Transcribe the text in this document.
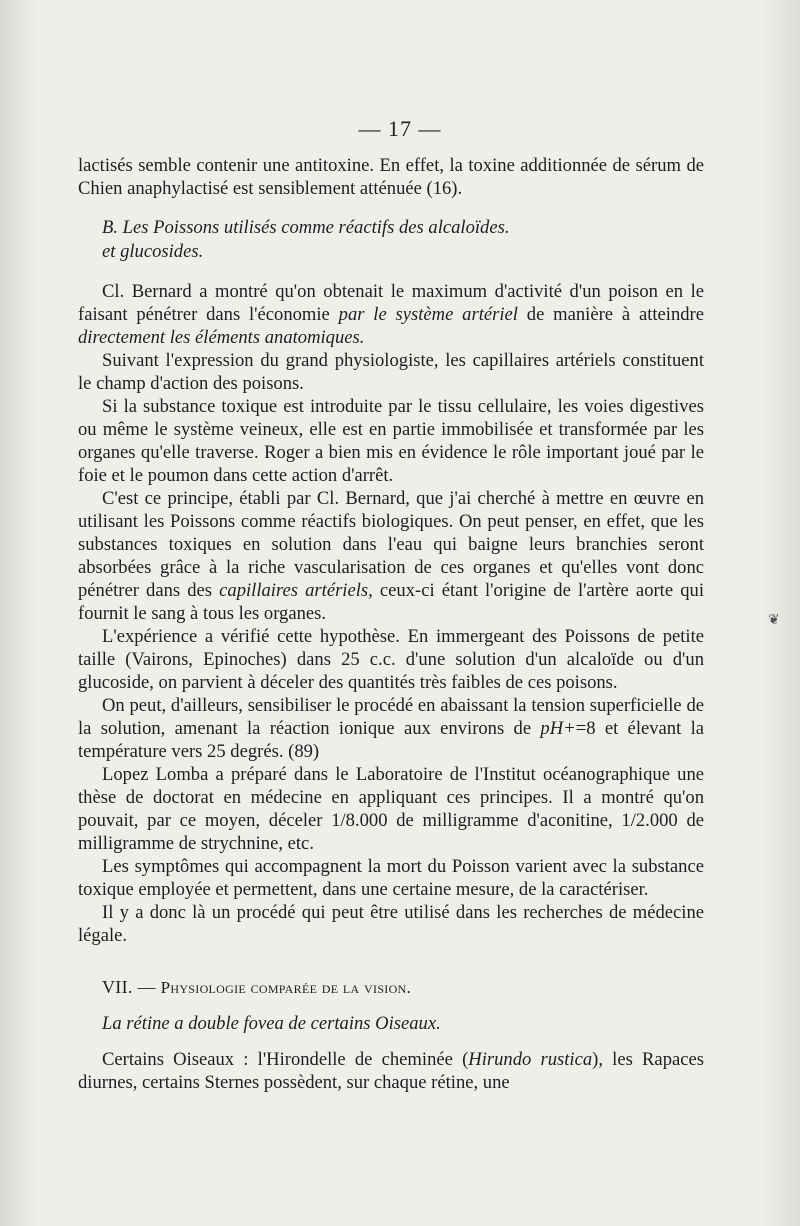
— 17 —

lactisés semble contenir une antitoxine. En effet, la toxine additionnée de sérum de Chien anaphylactisé est sensiblement atténuée (16).

B. Les Poissons utilisés comme réactifs des alcaloïdes.

et glucosides.

Cl. Bernard a montré qu'on obtenait le maximum d'activité d'un poison en le faisant pénétrer dans l'économie par le système artériel de manière à atteindre directement les éléments anatomiques.

Suivant l'expression du grand physiologiste, les capillaires artériels constituent le champ d'action des poisons.

Si la substance toxique est introduite par le tissu cellulaire, les voies digestives ou même le système veineux, elle est en partie immobilisée et transformée par les organes qu'elle traverse. Roger a bien mis en évidence le rôle important joué par le foie et le poumon dans cette action d'arrêt.

C'est ce principe, établi par Cl. Bernard, que j'ai cherché à mettre en œuvre en utilisant les Poissons comme réactifs biologiques. On peut penser, en effet, que les substances toxiques en solution dans l'eau qui baigne leurs branchies seront absorbées grâce à la riche vascularisation de ces organes et qu'elles vont donc pénétrer dans des capillaires artériels, ceux-ci étant l'origine de l'artère aorte qui fournit le sang à tous les organes.

L'expérience a vérifié cette hypothèse. En immergeant des Poissons de petite taille (Vairons, Epinoches) dans 25 c.c. d'une solution d'un alcaloïde ou d'un glucoside, on parvient à déceler des quantités très faibles de ces poisons.

On peut, d'ailleurs, sensibiliser le procédé en abaissant la tension superficielle de la solution, amenant la réaction ionique aux environs de pH+=8 et élevant la température vers 25 degrés. (89)

Lopez Lomba a préparé dans le Laboratoire de l'Institut océanographique une thèse de doctorat en médecine en appliquant ces principes. Il a montré qu'on pouvait, par ce moyen, déceler 1/8.000 de milligramme d'aconitine, 1/2.000 de milligramme de strychnine, etc.

Les symptômes qui accompagnent la mort du Poisson varient avec la substance toxique employée et permettent, dans une certaine mesure, de la caractériser.

Il y a donc là un procédé qui peut être utilisé dans les recherches de médecine légale.

VII. — Physiologie comparée de la vision.

La rétine a double fovea de certains Oiseaux.

Certains Oiseaux : l'Hirondelle de cheminée (Hirundo rustica), les Rapaces diurnes, certains Sternes possèdent, sur chaque rétine, une

❦
